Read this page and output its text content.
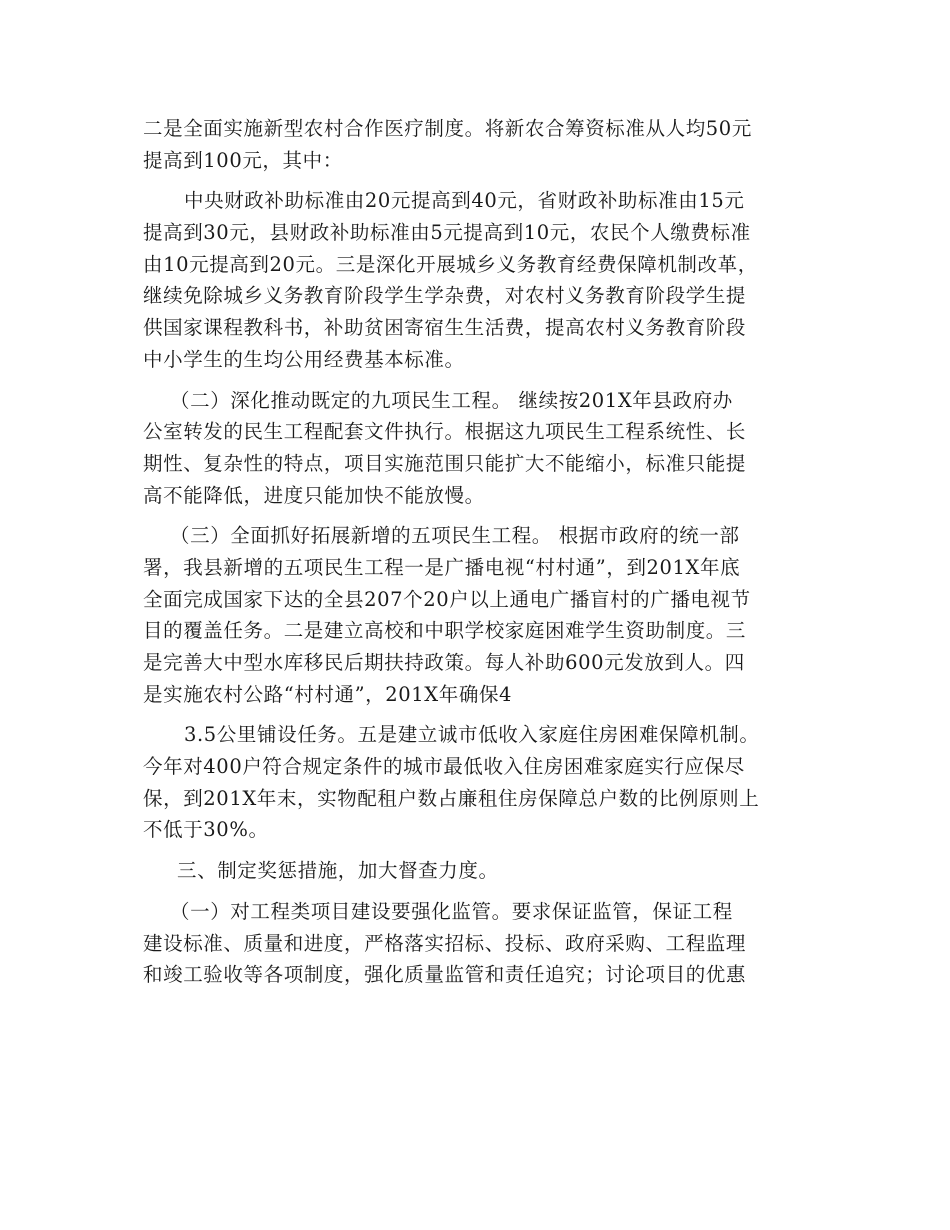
二是全面实施新型农村合作医疗制度。将新农合筹资标准从人均50元
提高到100元，其中：
中央财政补助标准由20元提高到40元，省财政补助标准由15元
提高到30元，县财政补助标准由5元提高到10元，农民个人缴费标准
由10元提高到20元。三是深化开展城乡义务教育经费保障机制改革，
继续免除城乡义务教育阶段学生学杂费，对农村义务教育阶段学生提
供国家课程教科书，补助贫困寄宿生生活费，提高农村义务教育阶段
中小学生的生均公用经费基本标准。
（二）深化推动既定的九项民生工程。 继续按201X年县政府办
公室转发的民生工程配套文件执行。根据这九项民生工程系统性、长
期性、复杂性的特点，项目实施范围只能扩大不能缩小，标准只能提
高不能降低，进度只能加快不能放慢。
（三）全面抓好拓展新增的五项民生工程。 根据市政府的统一部
署，我县新增的五项民生工程一是广播电视“村村通”，到201X年底
全面完成国家下达的全县207个20户以上通电广播盲村的广播电视节
目的覆盖任务。二是建立高校和中职学校家庭困难学生资助制度。三
是完善大中型水库移民后期扶持政策。每人补助600元发放到人。四
是实施农村公路“村村通”，201X年确保4
3.5公里铺设任务。五是建立诚市低收入家庭住房困难保障机制。
今年对400户符合规定条件的城市最低收入住房困难家庭实行应保尽
保，到201X年末，实物配租户数占廉租住房保障总户数的比例原则上
不低于30%。
三、制定奖惩措施，加大督查力度。
（一）对工程类项目建设要强化监管。要求保证监管，保证工程
建设标准、质量和进度，严格落实招标、投标、政府采购、工程监理
和竣工验收等各项制度，强化质量监管和责任追究；讨论项目的优惠
